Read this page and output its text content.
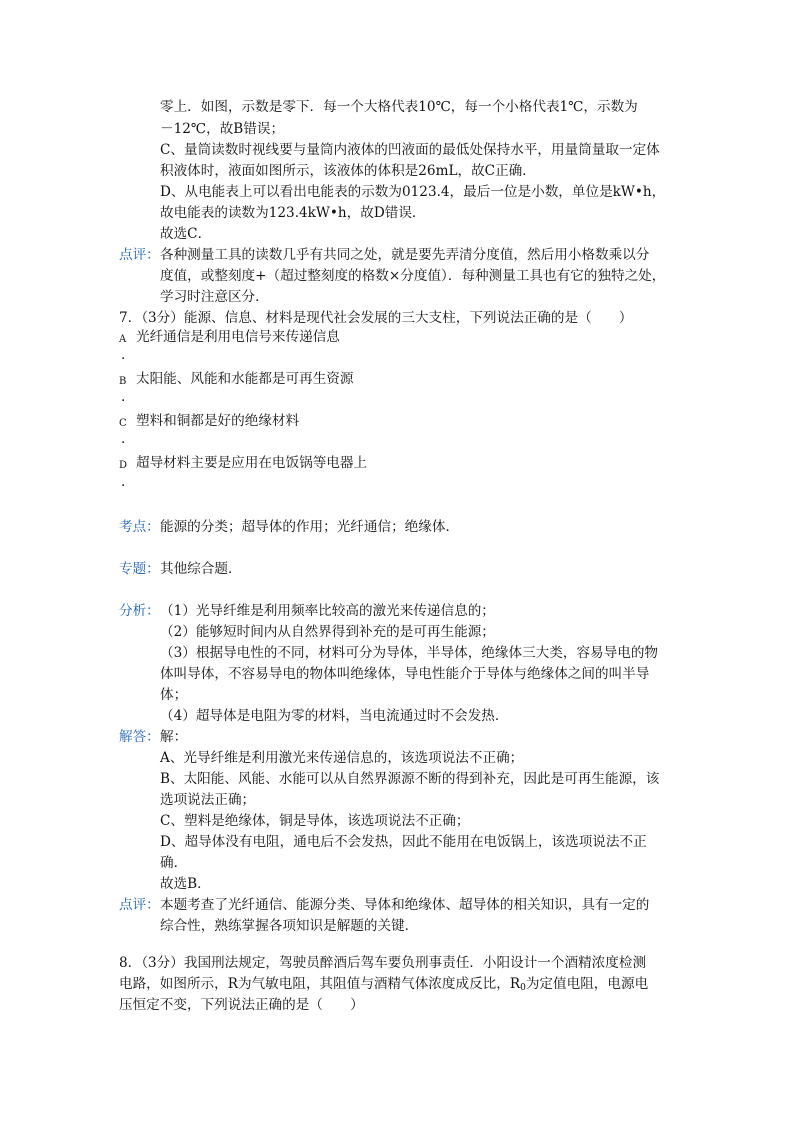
零上．如图，示数是零下．每一个大格代表10℃，每一个小格代表1℃，示数为
－12℃，故B错误；
C、量筒读数时视线要与量筒内液体的凹液面的最低处保持水平，用量筒量取一定体
积液体时，液面如图所示，该液体的体积是26mL，故C正确．
D、从电能表上可以看出电能表的示数为0123.4，最后一位是小数，单位是kW•h，
故电能表的读数为123.4kW•h，故D错误．
故选C．
点评： 各种测量工具的读数几乎有共同之处，就是要先弄清分度值，然后用小格数乘以分
度值，或整刻度+（超过整刻度的格数×分度值）．每种测量工具也有它的独特之处，
学习时注意区分．
7．（3分）能源、信息、材料是现代社会发展的三大支柱，下列说法正确的是（　　）
A 光纤通信是利用电信号来传递信息
.
B 太阳能、风能和水能都是可再生资源
.
C 塑料和铜都是好的绝缘材料
.
D 超导材料主要是应用在电饭锅等电器上
.
考点： 能源的分类；超导体的作用；光纤通信；绝缘体．
专题： 其他综合题．
分析： （1）光导纤维是利用频率比较高的激光来传递信息的；
（2）能够短时间内从自然界得到补充的是可再生能源；
（3）根据导电性的不同，材料可分为导体，半导体，绝缘体三大类，容易导电的物
体叫导体，不容易导电的物体叫绝缘体，导电性能介于导体与绝缘体之间的叫半导
体；
（4）超导体是电阻为零的材料，当电流通过时不会发热．
解答： 解：
A、光导纤维是利用激光来传递信息的，该选项说法不正确；
B、太阳能、风能、水能可以从自然界源源不断的得到补充，因此是可再生能源，该
选项说法正确；
C、塑料是绝缘体，铜是导体，该选项说法不正确；
D、超导体没有电阻，通电后不会发热，因此不能用在电饭锅上，该选项说法不正
确．
故选B．
点评： 本题考查了光纤通信、能源分类、导体和绝缘体、超导体的相关知识，具有一定的
综合性，熟练掌握各项知识是解题的关键．
8．（3分）我国刑法规定，驾驶员醉酒后驾车要负刑事责任．小阳设计一个酒精浓度检测
电路，如图所示，R为气敏电阻，其阻值与酒精气体浓度成反比，$R_0$为定值电阻，电源电
压恒定不变，下列说法正确的是（　　）
